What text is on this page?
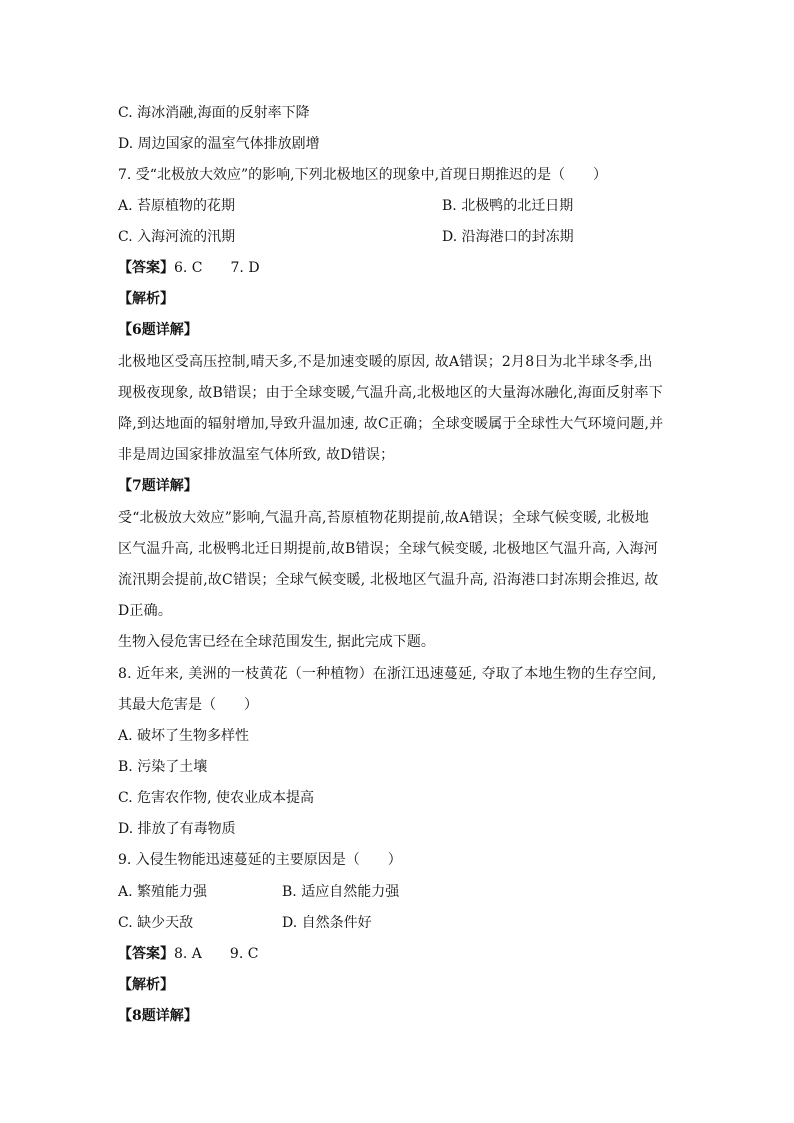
C. 海冰消融,海面的反射率下降
D. 周边国家的温室气体排放剧增
7. 受“北极放大效应”的影响,下列北极地区的现象中,首现日期推迟的是（　　）
A. 苔原植物的花期	B. 北极鸭的北迁日期
C. 入海河流的汛期	D. 沿海港口的封冻期
【答案】6. C　　7. D
【解析】
【6题详解】
北极地区受高压控制,晴天多,不是加速变暖的原因, 故A错误；2月8日为北半球冬季,出
现极夜现象, 故B错误；由于全球变暖,气温升高,北极地区的大量海冰融化,海面反射率下
降,到达地面的辐射增加,导致升温加速, 故C正确；全球变暖属于全球性大气环境问题,并
非是周边国家排放温室气体所致, 故D错误；
【7题详解】
受“北极放大效应”影响,气温升高,苔原植物花期提前,故A错误；全球气候变暖, 北极地
区气温升高, 北极鸭北迁日期提前,故B错误；全球气候变暖, 北极地区气温升高, 入海河
流汛期会提前,故C错误；全球气候变暖, 北极地区气温升高, 沿海港口封冻期会推迟, 故
D正确。
生物入侵危害已经在全球范围发生, 据此完成下题。
8. 近年来, 美洲的一枝黄花（一种植物）在浙江迅速蔓延, 夺取了本地生物的生存空间,
其最大危害是（　　）
A. 破坏了生物多样性
B. 污染了土壤
C. 危害农作物, 使农业成本提高
D. 排放了有毒物质
9. 入侵生物能迅速蔓延的主要原因是（　　）
A. 繁殖能力强	B. 适应自然能力强
C. 缺少天敌	D. 自然条件好
【答案】8. A　　9. C
【解析】
【8题详解】
